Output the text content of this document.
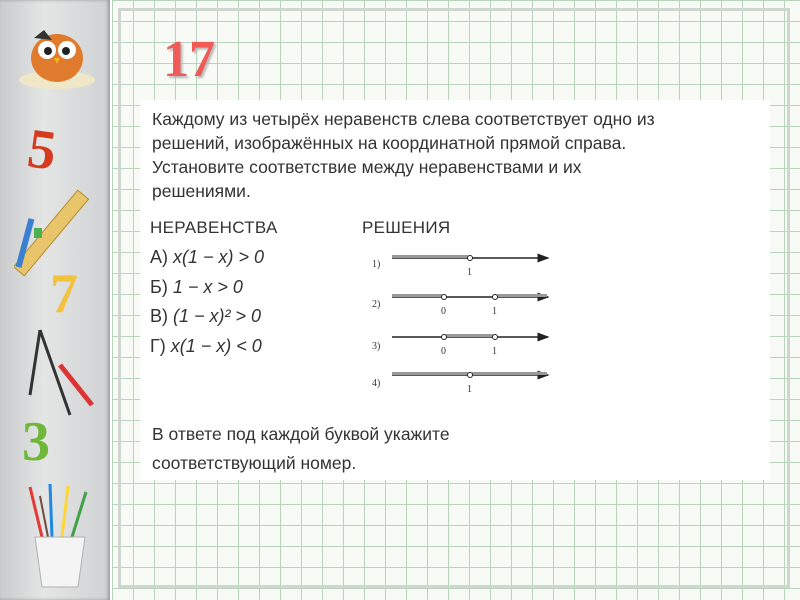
5
7
3
17
Каждому из четырёх неравенств слева соответствует одно из
решений, изображённых на координатной прямой справа.
Установите соответствие между неравенствами и их
решениями.
НЕРАВЕНСТВА	РЕШЕНИЯ
А) x(1 − x) > 0
Б) 1 − x > 0
В) (1 − x)² > 0
Г) x(1 − x) < 0
1)
1
2)
0	1
3)	0	1
4)
1
В ответе под каждой буквой укажите
соответствующий номер.
